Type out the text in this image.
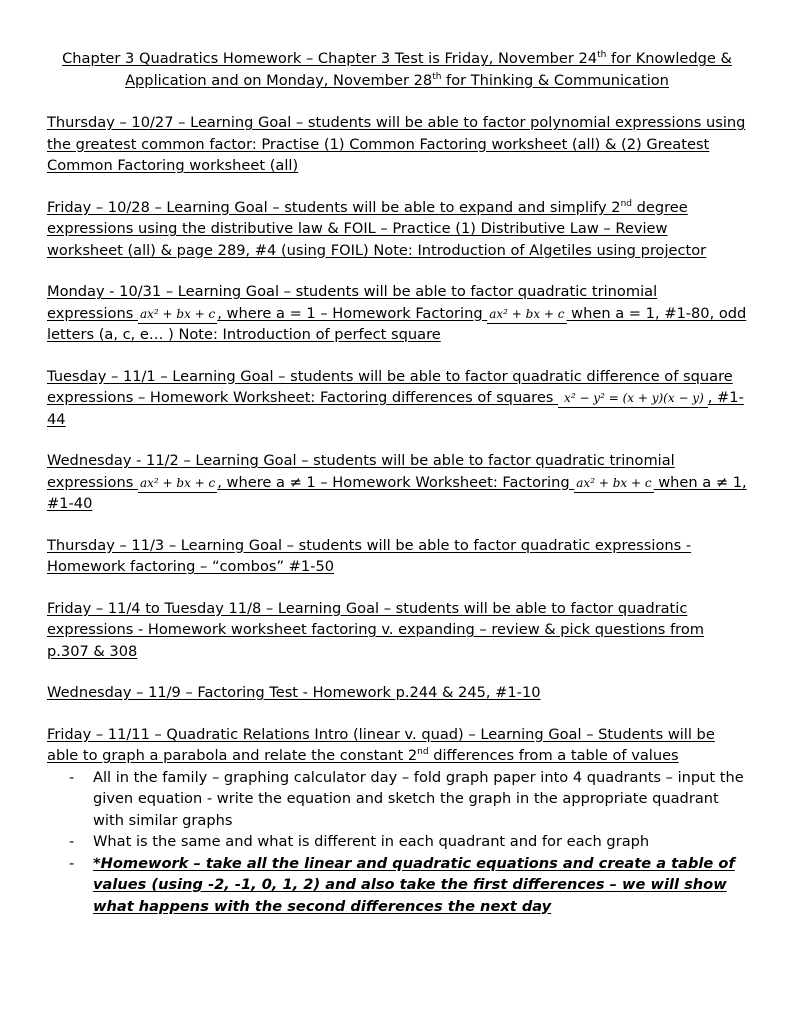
Chapter 3 Quadratics Homework – Chapter 3 Test is Friday, November 24th for Knowledge &
Application and on Monday, November 28th for Thinking & Communication

Thursday – 10/27 – Learning Goal – students will be able to factor polynomial expressions using the greatest common factor: Practise (1) Common Factoring worksheet (all) & (2) Greatest Common Factoring worksheet (all)

Friday – 10/28 – Learning Goal – students will be able to expand and simplify 2nd degree expressions using the distributive law & FOIL – Practice (1) Distributive Law – Review worksheet (all) & page 289, #4 (using FOIL) Note: Introduction of Algetiles using projector

Monday - 10/31 – Learning Goal – students will be able to factor quadratic trinomial expressions ax² + bx + c , where a = 1 – Homework Factoring ax² + bx + c when a = 1, #1-80, odd letters (a, c, e… ) Note: Introduction of perfect square

Tuesday – 11/1 – Learning Goal – students will be able to factor quadratic difference of square expressions – Homework Worksheet: Factoring differences of squares x² − y² = (x + y)(x − y) , #1-44

Wednesday - 11/2 – Learning Goal – students will be able to factor quadratic trinomial expressions ax² + bx + c , where a ≠ 1 – Homework Worksheet: Factoring ax² + bx + c when a ≠ 1, #1-40

Thursday – 11/3 – Learning Goal – students will be able to factor quadratic expressions - Homework factoring – “combos” #1-50

Friday – 11/4 to Tuesday 11/8 – Learning Goal – students will be able to factor quadratic expressions - Homework worksheet factoring v. expanding – review & pick questions from p.307 & 308

Wednesday – 11/9 – Factoring Test - Homework p.244 & 245, #1-10

Friday – 11/11 – Quadratic Relations Intro (linear v. quad) – Learning Goal – Students will be able to graph a parabola and relate the constant 2nd differences from a table of values

- All in the family – graphing calculator day – fold graph paper into 4 quadrants – input the given equation - write the equation and sketch the graph in the appropriate quadrant with similar graphs
- What is the same and what is different in each quadrant and for each graph
- *Homework – take all the linear and quadratic equations and create a table of values (using -2, -1, 0, 1, 2) and also take the first differences – we will show what happens with the second differences the next day
